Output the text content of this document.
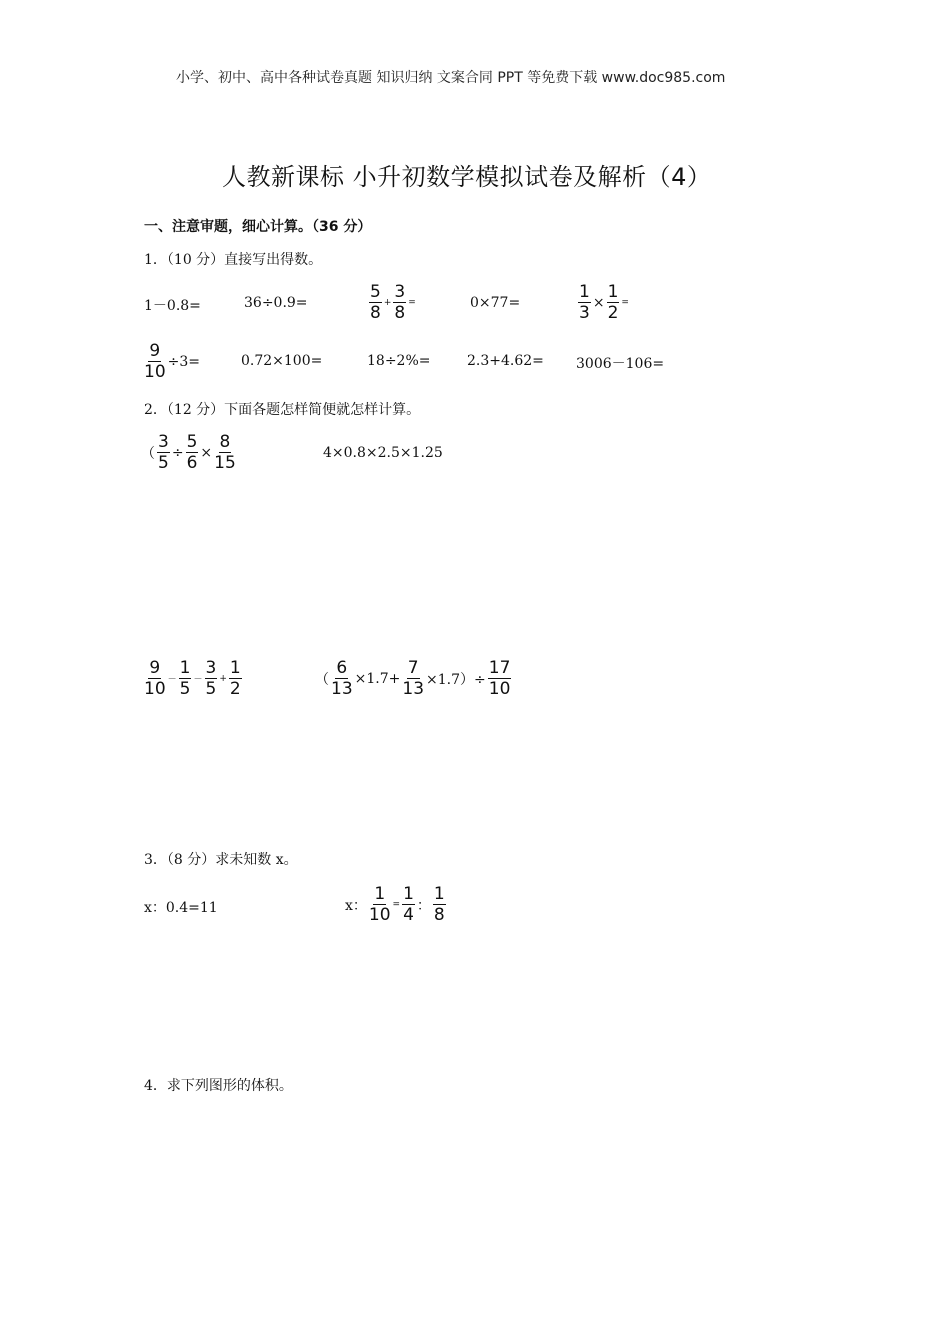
小学、初中、高中各种试卷真题 知识归纳 文案合同 PPT 等免费下载 www.doc985.com
人教新课标 小升初数学模拟试卷及解析（4）
一、注意审题，细心计算。（36 分）
1．（10 分）直接写出得数。
1－0.8=	36÷0.9=	$\frac{5}{8} + \frac{3}{8}$ =	0×77=	$\frac{1}{3} \times \frac{1}{2}$ =
$\frac{9}{10} \div 3=$	0.72×100=	18÷2%=	2.3+4.62= 3006－106=
2．（12 分）下面各题怎样简便就怎样计算。
（ $\frac{3}{5} \div \frac{5}{6} \times \frac{8}{15}$	4×0.8×2.5×1.25
$\frac{9}{10} - \frac{1}{5} - \frac{3}{5} + \frac{1}{2}$	（ $\frac{6}{13} \times 1.7+ \frac{7}{13} \times 1.7)\div \frac{17}{10}$
3．（8 分）求未知数 x。
x：0.4=11	x： $\frac{1}{10} = \frac{1}{4}$ ： $\frac{1}{8}$
4．求下列图形的体积。
